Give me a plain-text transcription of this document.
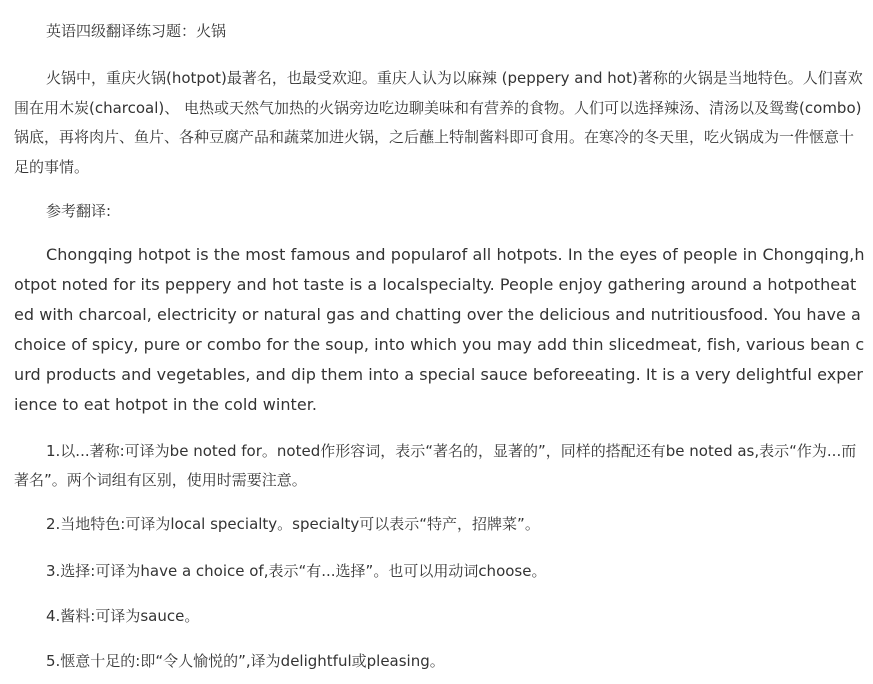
英语四级翻译练习题：火锅

火锅中，重庆火锅(hotpot)最著名，也最受欢迎。重庆人认为以麻辣 (peppery and hot)著称的火锅是当地特色。人们喜欢围在用木炭(charcoal)、 电热或天然气加热的火锅旁边吃边聊美味和有营养的食物。人们可以选择辣汤、清汤以及鸳鸯(combo)锅底，再将肉片、鱼片、各种豆腐产品和蔬菜加进火锅，之后蘸上特制酱料即可食用。在寒冷的冬天里，吃火锅成为一件惬意十足的事情。

参考翻译:

Chongqing hotpot is the most famous and popularof all hotpots. In the eyes of people in Chongqing,hotpot noted for its peppery and hot taste is a localspecialty. People enjoy gathering around a hotpotheated with charcoal, electricity or natural gas and chatting over the delicious and nutritiousfood. You have a choice of spicy, pure or combo for the soup, into which you may add thin slicedmeat, fish, various bean curd products and vegetables, and dip them into a special sauce beforeeating. It is a very delightful experience to eat hotpot in the cold winter.

1.以...著称:可译为be noted for。noted作形容词，表示“著名的，显著的”，同样的搭配还有be noted as,表示“作为...而著名”。两个词组有区别，使用时需要注意。

2.当地特色:可译为local specialty。specialty可以表示“特产，招牌菜”。

3.选择:可译为have a choice of,表示“有...选择”。也可以用动词choose。

4.酱料:可译为sauce。

5.惬意十足的:即“令人愉悦的”,译为delightful或pleasing。
